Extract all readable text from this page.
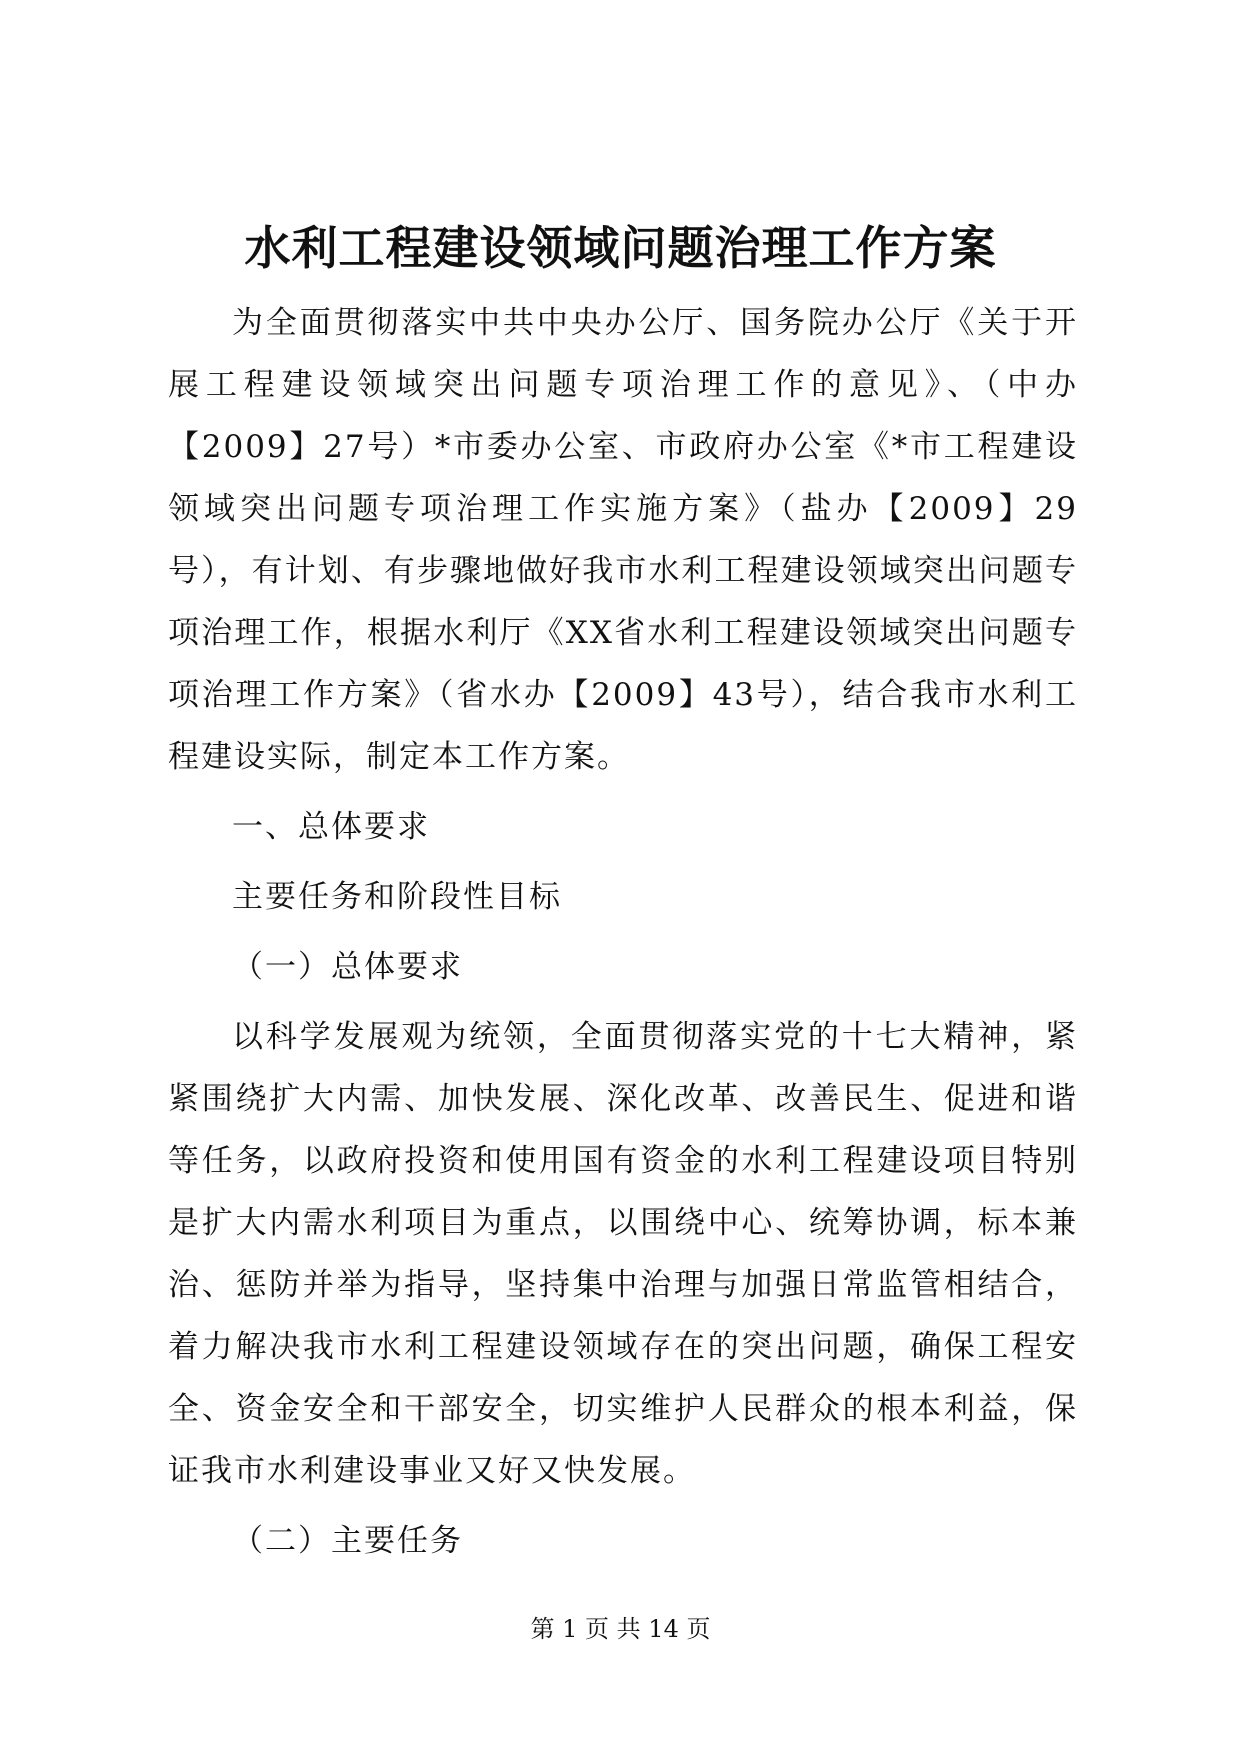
水利工程建设领域问题治理工作方案

为全面贯彻落实中共中央办公厅、国务院办公厅《关于开展工程建设领域突出问题专项治理工作的意见》、（中办【2009】27号）*市委办公室、市政府办公室《*市工程建设领域突出问题专项治理工作实施方案》（盐办【2009】29号），有计划、有步骤地做好我市水利工程建设领域突出问题专项治理工作，根据水利厅《XX省水利工程建设领域突出问题专项治理工作方案》（省水办【2009】43号），结合我市水利工程建设实际，制定本工作方案。

一、总体要求

主要任务和阶段性目标

（一）总体要求

以科学发展观为统领，全面贯彻落实党的十七大精神，紧紧围绕扩大内需、加快发展、深化改革、改善民生、促进和谐等任务，以政府投资和使用国有资金的水利工程建设项目特别是扩大内需水利项目为重点，以围绕中心、统筹协调，标本兼治、惩防并举为指导，坚持集中治理与加强日常监管相结合，着力解决我市水利工程建设领域存在的突出问题，确保工程安全、资金安全和干部安全，切实维护人民群众的根本利益，保证我市水利建设事业又好又快发展。

（二）主要任务

第 1 页 共 14 页
